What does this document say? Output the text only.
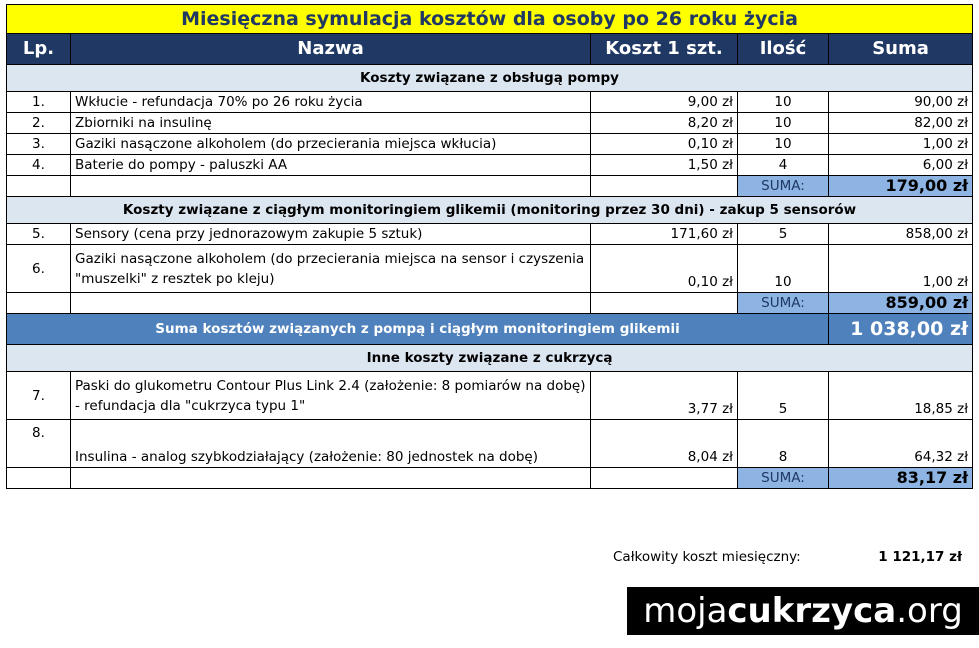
Miesięczna symulacja kosztów dla osoby po 26 roku życia				
Lp.	Nazwa	Koszt 1 szt.	Ilość	Suma
Koszty związane z obsługą pompy				
1.	Wkłucie - refundacja 70% po 26 roku życia	9,00 zł	10	90,00 zł
2.	Zbiorniki na insulinę	8,20 zł	10	82,00 zł
3.	Gaziki nasączone alkoholem (do przecierania miejsca wkłucia)	0,10 zł	10	1,00 zł
4.	Baterie do pompy - paluszki AA	1,50 zł	4	6,00 zł
			SUMA:	179,00 zł
Koszty związane z ciągłym monitoringiem glikemii (monitoring przez 30 dni) - zakup 5 sensorów				
5.	Sensory (cena przy jednorazowym zakupie 5 sztuk)	171,60 zł	5	858,00 zł
6.	Gaziki nasączone alkoholem (do przecierania miejsca na sensor i czyszenia "muszelki" z resztek po kleju)	0,10 zł	10	1,00 zł
			SUMA:	859,00 zł
Suma kosztów związanych z pompą i ciągłym monitoringiem glikemii				1 038,00 zł
Inne koszty związane z cukrzycą				
7.	Paski do glukometru Contour Plus Link 2.4 (założenie: 8 pomiarów na dobę) - refundacja dla "cukrzyca typu 1"	3,77 zł	5	18,85 zł
8.	Insulina - analog szybkodziałający (założenie: 80 jednostek na dobę)	8,04 zł	8	64,32 zł
			SUMA:	83,17 zł
Całkowity koszt miesięczny:	1 121,17 zł
moja cukrzyca .org
